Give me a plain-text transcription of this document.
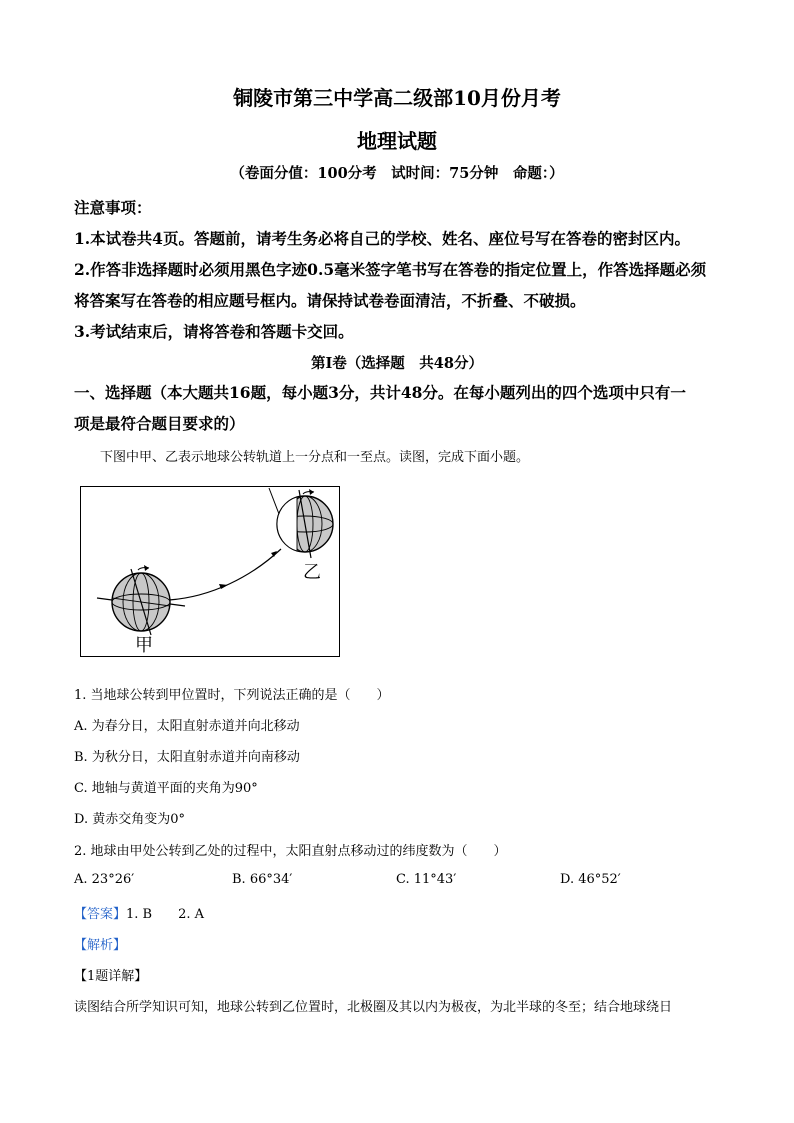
铜陵市第三中学高二级部10月份月考
地理试题
（卷面分值：100分考　试时间：75分钟　命题：）
注意事项：
1.本试卷共4页。答题前，请考生务必将自己的学校、姓名、座位号写在答卷的密封区内。
2.作答非选择题时必须用黑色字迹0.5毫米签字笔书写在答卷的指定位置上，作答选择题必须
将答案写在答卷的相应题号框内。请保持试卷卷面清洁，不折叠、不破损。
3.考试结束后，请将答卷和答题卡交回。
第Ⅰ卷（选择题　共48分）
一、选择题（本大题共16题，每小题3分，共计48分。在每小题列出的四个选项中只有一
项是最符合题目要求的）
下图中甲、乙表示地球公转轨道上一分点和一至点。读图，完成下面小题。
甲
乙
1. 当地球公转到甲位置时，下列说法正确的是（　　）
A. 为春分日，太阳直射赤道并向北移动
B. 为秋分日，太阳直射赤道并向南移动
C. 地轴与黄道平面的夹角为90°
D. 黄赤交角变为0°
2. 地球由甲处公转到乙处的过程中，太阳直射点移动过的纬度数为（　　）
A. 23°26′	B. 66°34′	C. 11°43′	D. 46°52′
【答案】1. B　　2. A
【解析】
【1题详解】
读图结合所学知识可知，地球公转到乙位置时，北极圈及其以内为极夜，为北半球的冬至；结合地球绕日
